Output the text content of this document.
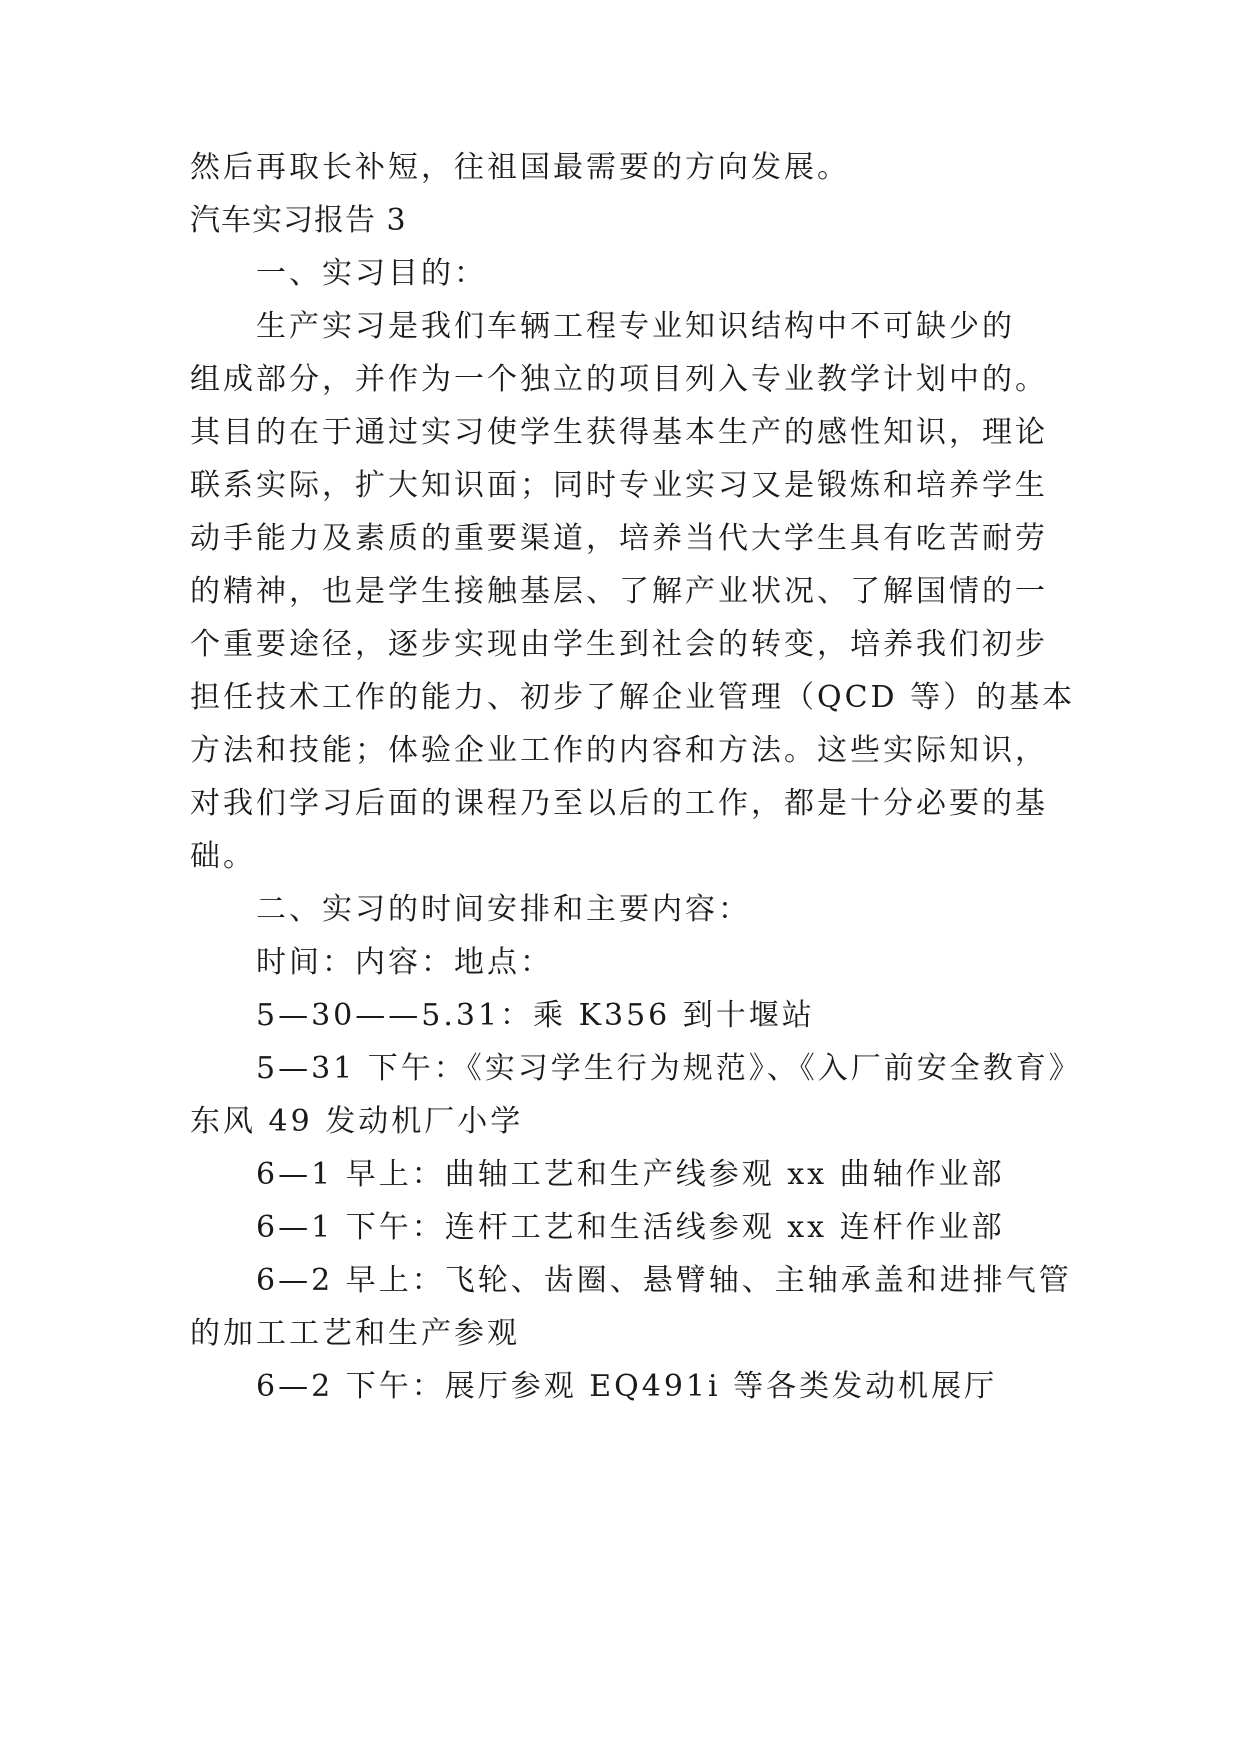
然后再取长补短，往祖国最需要的方向发展。

汽车实习报告 3

一、实习目的：

生产实习是我们车辆工程专业知识结构中不可缺少的

组成部分，并作为一个独立的项目列入专业教学计划中的。

其目的在于通过实习使学生获得基本生产的感性知识，理论

联系实际，扩大知识面；同时专业实习又是锻炼和培养学生

动手能力及素质的重要渠道，培养当代大学生具有吃苦耐劳

的精神，也是学生接触基层、了解产业状况、了解国情的一

个重要途径，逐步实现由学生到社会的转变，培养我们初步

担任技术工作的能力、初步了解企业管理（QCD 等）的基本

方法和技能；体验企业工作的内容和方法。这些实际知识，

对我们学习后面的课程乃至以后的工作，都是十分必要的基

础。

二、实习的时间安排和主要内容：

时间：内容：地点：

5—30——5.31：乘 K356 到十堰站

5—31 下午：《实习学生行为规范》、《入厂前安全教育》

东风 49 发动机厂小学

6—1 早上：曲轴工艺和生产线参观 xx 曲轴作业部

6—1 下午：连杆工艺和生活线参观 xx 连杆作业部

6—2 早上：飞轮、齿圈、悬臂轴、主轴承盖和进排气管

的加工工艺和生产参观

6—2 下午：展厅参观 EQ491i 等各类发动机展厅
